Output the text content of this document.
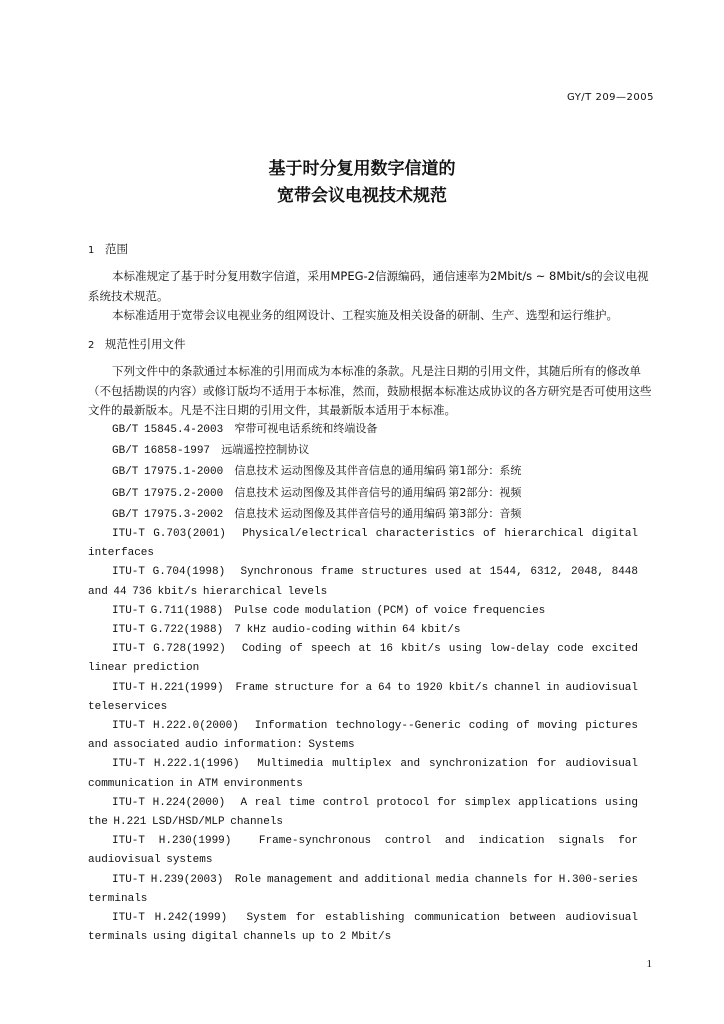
GY/T 209—2005
基于时分复用数字信道的
宽带会议电视技术规范
1 范围
本标准规定了基于时分复用数字信道，采用MPEG-2信源编码，通信速率为2Mbit/s ~ 8Mbit/s的会议电视系统技术规范。
本标准适用于宽带会议电视业务的组网设计、工程实施及相关设备的研制、生产、选型和运行维护。
2 规范性引用文件
下列文件中的条款通过本标准的引用而成为本标准的条款。凡是注日期的引用文件，其随后所有的修改单（不包括勘误的内容）或修订版均不适用于本标准，然而，鼓励根据本标准达成协议的各方研究是否可使用这些文件的最新版本。凡是不注日期的引用文件，其最新版本适用于本标准。
GB/T 15845.4-2003 窄带可视电话系统和终端设备
GB/T 16858-1997 远端遥控控制协议
GB/T 17975.1-2000 信息技术 运动图像及其伴音信息的通用编码 第1部分：系统
GB/T 17975.2-2000 信息技术 运动图像及其伴音信号的通用编码 第2部分：视频
GB/T 17975.3-2002 信息技术 运动图像及其伴音信号的通用编码 第3部分：音频
ITU-T G.703(2001) Physical/electrical characteristics of hierarchical digital interfaces
ITU-T G.704(1998) Synchronous frame structures used at 1544, 6312, 2048, 8448 and 44 736 kbit/s hierarchical levels
ITU-T G.711(1988) Pulse code modulation (PCM) of voice frequencies
ITU-T G.722(1988) 7 kHz audio-coding within 64 kbit/s
ITU-T G.728(1992) Coding of speech at 16 kbit/s using low-delay code excited linear prediction
ITU-T H.221(1999) Frame structure for a 64 to 1920 kbit/s channel in audiovisual teleservices
ITU-T H.222.0(2000) Information technology--Generic coding of moving pictures and associated audio information: Systems
ITU-T H.222.1(1996) Multimedia multiplex and synchronization for audiovisual communication in ATM environments
ITU-T H.224(2000) A real time control protocol for simplex applications using the H.221 LSD/HSD/MLP channels
ITU-T H.230(1999)	Frame-synchronous control and indication signals for audiovisual systems
ITU-T H.239(2003) Role management and additional media channels for H.300-series terminals
ITU-T H.242(1999) System for establishing communication between audiovisual terminals using digital channels up to 2 Mbit/s
1
